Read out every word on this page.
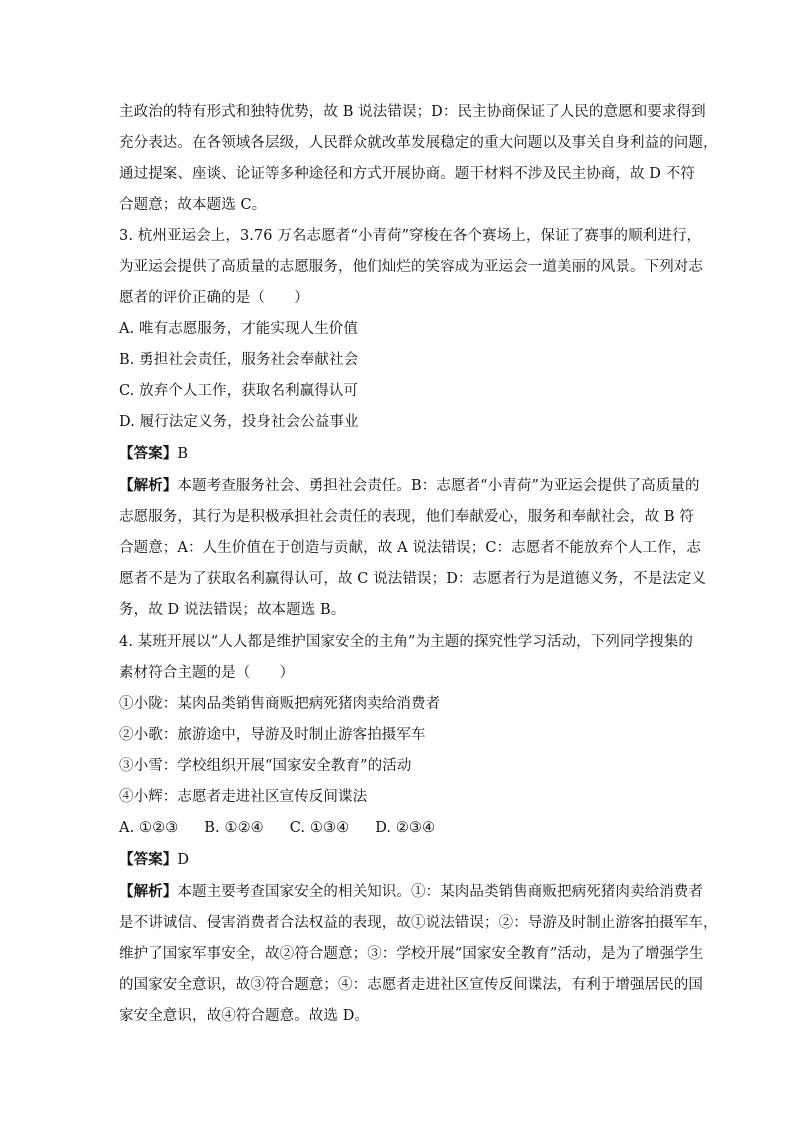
主政治的特有形式和独特优势，故 B 说法错误；D：民主协商保证了人民的意愿和要求得到
充分表达。在各领域各层级，人民群众就改革发展稳定的重大问题以及事关自身利益的问题，
通过提案、座谈、论证等多种途径和方式开展协商。题干材料不涉及民主协商，故 D 不符
合题意；故本题选 C。
3. 杭州亚运会上，3.76 万名志愿者“小青荷”穿梭在各个赛场上，保证了赛事的顺利进行，
为亚运会提供了高质量的志愿服务，他们灿烂的笑容成为亚运会一道美丽的风景。下列对志
愿者的评价正确的是（　　）
A. 唯有志愿服务，才能实现人生价值
B. 勇担社会责任，服务社会奉献社会
C. 放弃个人工作，获取名利赢得认可
D. 履行法定义务，投身社会公益事业
【答案】B
【解析】本题考查服务社会、勇担社会责任。B：志愿者“小青荷”为亚运会提供了高质量的
志愿服务，其行为是积极承担社会责任的表现，他们奉献爱心，服务和奉献社会，故 B 符
合题意；A：人生价值在于创造与贡献，故 A 说法错误；C：志愿者不能放弃个人工作，志
愿者不是为了获取名利赢得认可，故 C 说法错误；D：志愿者行为是道德义务，不是法定义
务，故 D 说法错误；故本题选 B。
4. 某班开展以“人人都是维护国家安全的主角”为主题的探究性学习活动，下列同学搜集的
素材符合主题的是（　　）
①小陇：某肉品类销售商贩把病死猪肉卖给消费者
②小歌：旅游途中，导游及时制止游客拍摄军车
③小雪：学校组织开展“国家安全教育”的活动
④小辉：志愿者走进社区宣传反间谍法
A. ①②③ B. ①②④ C. ①③④ D. ②③④
【答案】D
【解析】本题主要考查国家安全的相关知识。①：某肉品类销售商贩把病死猪肉卖给消费者
是不讲诚信、侵害消费者合法权益的表现，故①说法错误；②：导游及时制止游客拍摄军车，
维护了国家军事安全，故②符合题意；③：学校开展“国家安全教育”活动，是为了增强学生
的国家安全意识，故③符合题意；④：志愿者走进社区宣传反间谍法，有利于增强居民的国
家安全意识，故④符合题意。故选 D。
